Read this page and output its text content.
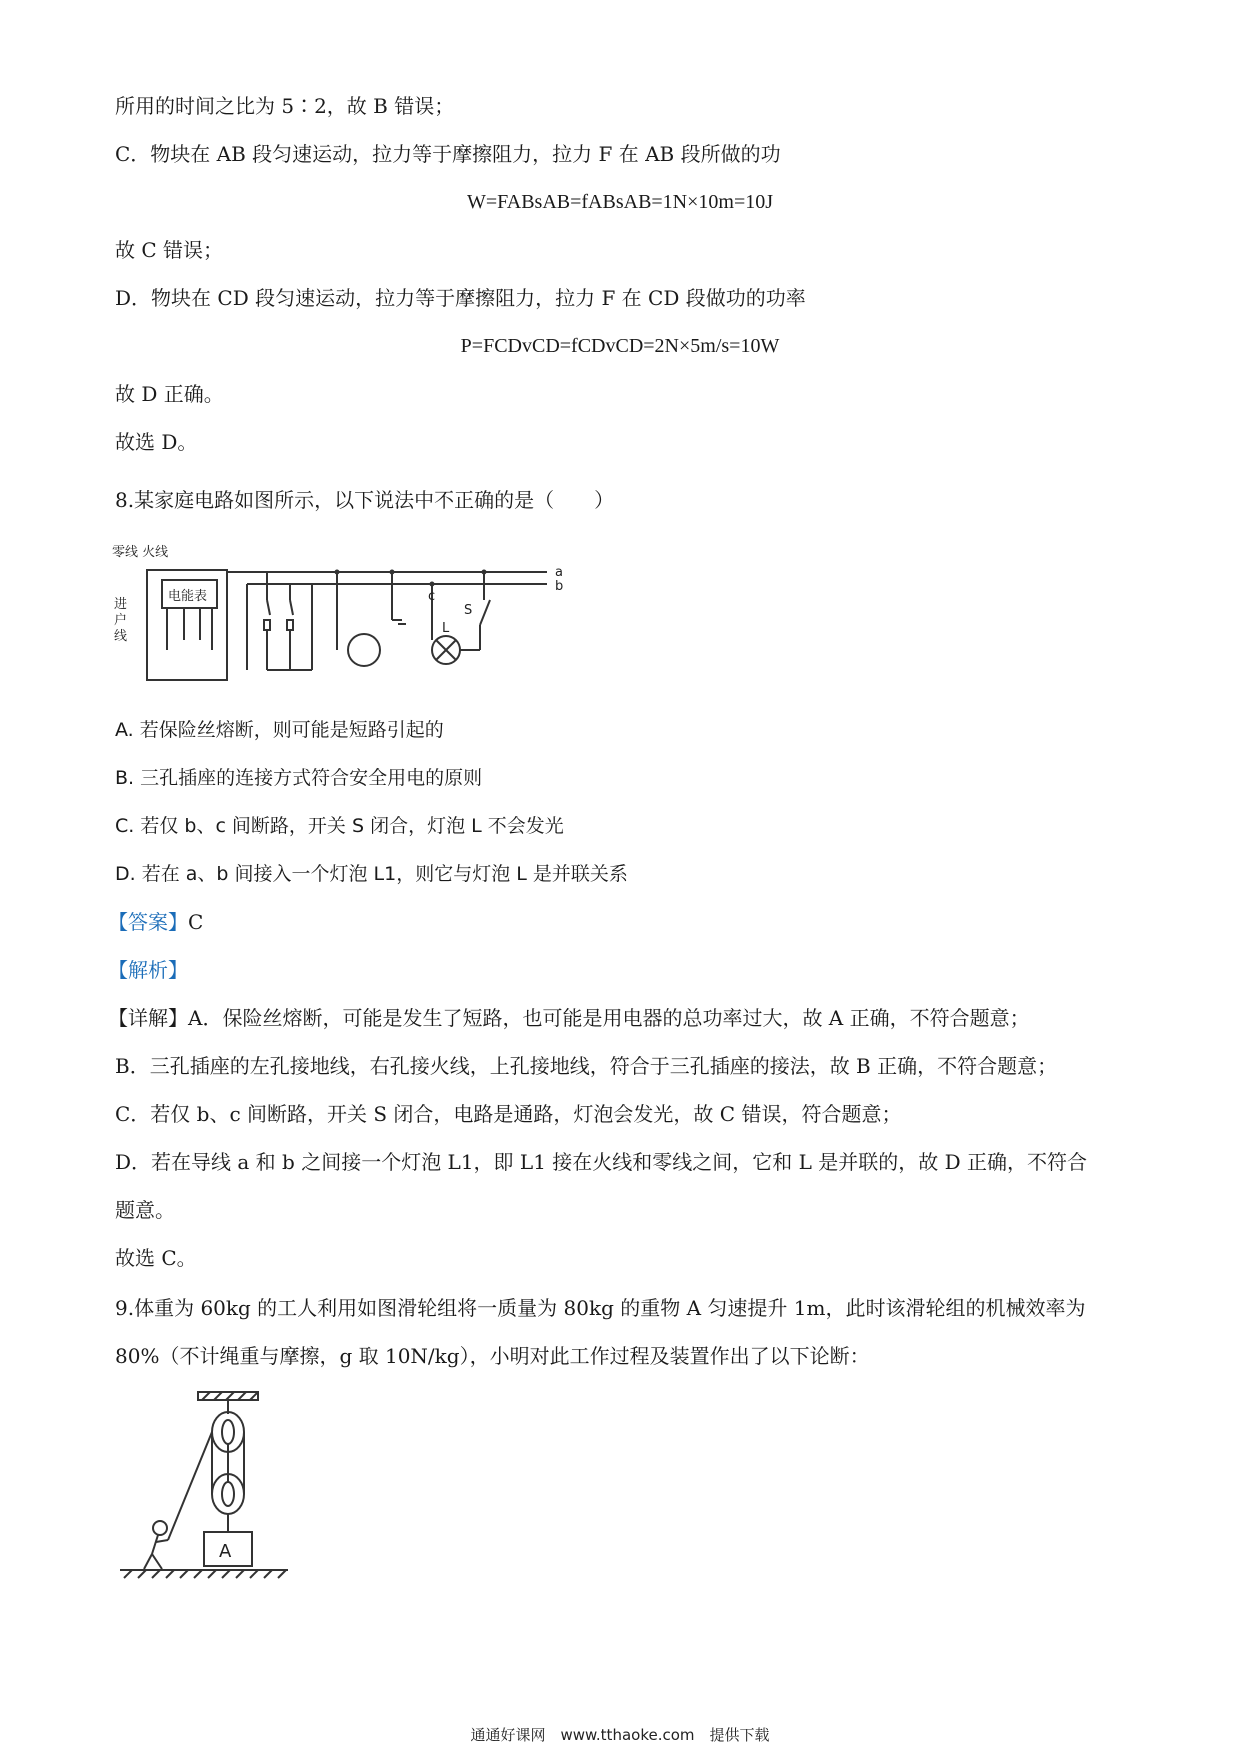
所用的时间之比为 5∶2，故 B 错误；
C．物块在 AB 段匀速运动，拉力等于摩擦阻力，拉力 F 在 AB 段所做的功
W=FABsAB=fABsAB=1N×10m=10J
故 C 错误；
D．物块在 CD 段匀速运动，拉力等于摩擦阻力，拉力 F 在 CD 段做功的功率
P=FCDvCD=fCDvCD=2N×5m/s=10W
故 D 正确。
故选 D。
8.某家庭电路如图所示，以下说法中不正确的是（　　）
零线 火线
进
户
线
电能表
a
b
c
L
S
A. 若保险丝熔断，则可能是短路引起的
B. 三孔插座的连接方式符合安全用电的原则
C. 若仅 b、c 间断路，开关 S 闭合，灯泡 L 不会发光
D. 若在 a、b 间接入一个灯泡 L1，则它与灯泡 L 是并联关系
【答案】C
【解析】
【详解】A．保险丝熔断，可能是发生了短路，也可能是用电器的总功率过大，故 A 正确，不符合题意；
B．三孔插座的左孔接地线，右孔接火线，上孔接地线，符合于三孔插座的接法，故 B 正确，不符合题意；
C．若仅 b、c 间断路，开关 S 闭合，电路是通路，灯泡会发光，故 C 错误，符合题意；
D．若在导线 a 和 b 之间接一个灯泡 L1，即 L1 接在火线和零线之间，它和 L 是并联的，故 D 正确，不符合
题意。
故选 C。
9.体重为 60kg 的工人利用如图滑轮组将一质量为 80kg 的重物 A 匀速提升 1m，此时该滑轮组的机械效率为
80%（不计绳重与摩擦，g 取 10N/kg），小明对此工作过程及装置作出了以下论断：
A
通通好课网　www.tthaoke.com　提供下载
